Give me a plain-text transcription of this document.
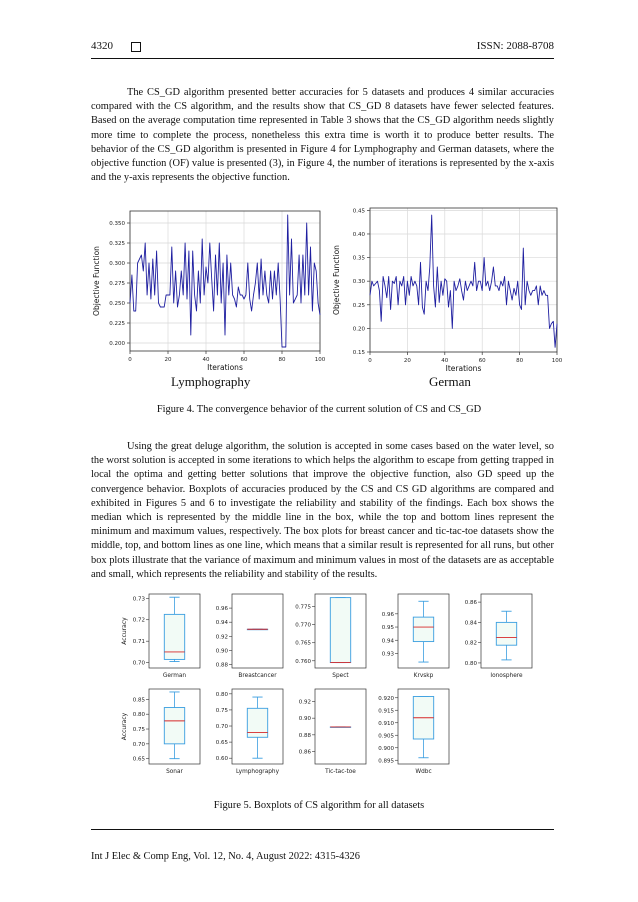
4320	ISSN: 2088-8708

The CS_GD algorithm presented better accuracies for 5 datasets and produces 4 similar accuracies compared with the CS algorithm, and the results show that CS_GD 8 datasets have fewer selected features. Based on the average computation time represented in Table 3 shows that the CS_GD algorithm needs slightly more time to complete the process, nonetheless this extra time is worth it to produce better results. The behavior of the CS_GD algorithm is presented in Figure 4 for Lymphography and German datasets, where the objective function (OF) value is presented (3), in Figure 4, the number of iterations is represented by the x-axis and the y-axis represents the objective function.

0.200
0.225
0.250
0.275
0.300
0.325
0.350
0	20	40	60	80	100
Iterations
Objective Function
0.15
0.20
0.25
0.30
0.35
0.40
0.45
0	20	40	60	80	100
Iterations
Objective Function
Lymphography	German
Figure 4. The convergence behavior of the current solution of CS and CS_GD

Using the great deluge algorithm, the solution is accepted in some cases based on the water level, so the worst solution is accepted in some iterations to which helps the algorithm to escape from getting trapped in local the optima and getting better solutions that improve the objective function, also GD speed up the convergence behavior. Boxplots of accuracies produced by the CS and CS GD algorithms are compared and exhibited in Figures 5 and 6 to investigate the reliability and stability of the findings. Each box shows the median which is represented by the middle line in the box, while the top and bottom lines represent the minimum and maximum values, respectively. The box plots for breast cancer and tic-tac-toe datasets show the middle, top, and bottom lines as one line, which means that a similar result is represented for all runs, but other box plots illustrate that the variance of maximum and minimum values in most of the datasets are as acceptable and small, which represents the reliability and stability of the results.

0.70
0.71
0.72
0.73
German
Accuracy
0.88
0.90
0.92
0.94
0.96
Breastcancer
0.760
0.765
0.770
0.775
Spect
0.93
0.94
0.95
0.96
Krvskp
0.80
0.82
0.84
0.86
Ionosphere
0.65
0.70
0.75
0.80
0.85
Sonar
Accuracy
0.60
0.65
0.70
0.75
0.80
Lymphography
0.86
0.88
0.90
0.92
Tic-tac-toe
0.895
0.900
0.905
0.910
0.915
0.920
Wdbc
Figure 5. Boxplots of CS algorithm for all datasets
Int J Elec & Comp Eng, Vol. 12, No. 4, August 2022: 4315-4326
